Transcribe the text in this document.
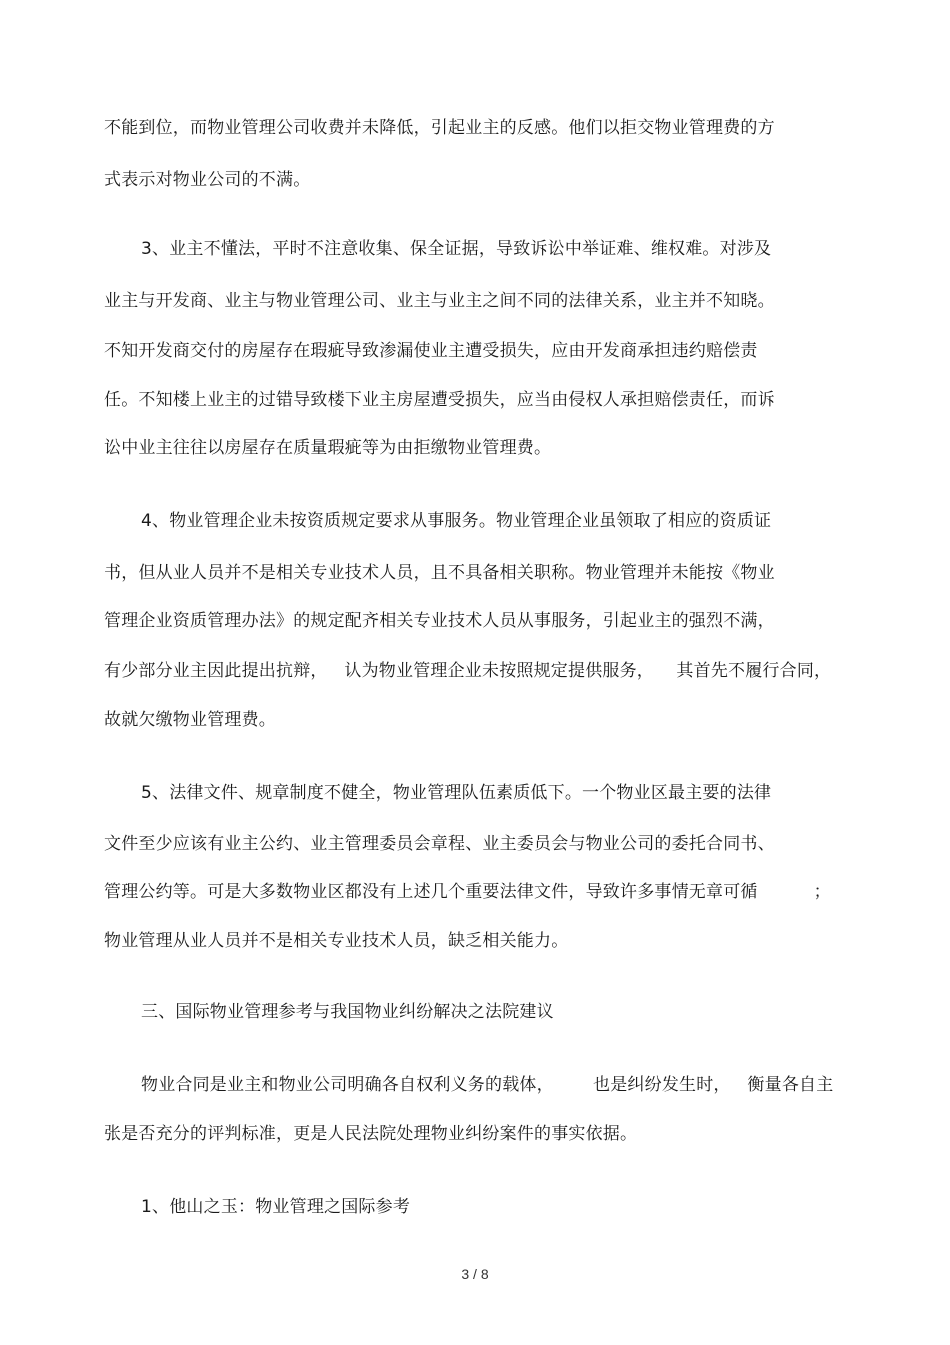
不能到位，而物业管理公司收费并未降低，引起业主的反感。他们以拒交物业管理费的方
式表示对物业公司的不满。
3、业主不懂法，平时不注意收集、保全证据，导致诉讼中举证难、维权难。对涉及
业主与开发商、业主与物业管理公司、业主与业主之间不同的法律关系，业主并不知晓。
不知开发商交付的房屋存在瑕疵导致渗漏使业主遭受损失，应由开发商承担违约赔偿责
任。不知楼上业主的过错导致楼下业主房屋遭受损失，应当由侵权人承担赔偿责任，而诉
讼中业主往往以房屋存在质量瑕疵等为由拒缴物业管理费。
4、物业管理企业未按资质规定要求从事服务。物业管理企业虽领取了相应的资质证
书，但从业人员并不是相关专业技术人员，且不具备相关职称。物业管理并未能按《物业
管理企业资质管理办法》的规定配齐相关专业技术人员从事服务，引起业主的强烈不满，
有少部分业主因此提出抗辩，   认为物业管理企业未按照规定提供服务，    其首先不履行合同，
故就欠缴物业管理费。
5、法律文件、规章制度不健全，物业管理队伍素质低下。一个物业区最主要的法律
文件至少应该有业主公约、业主管理委员会章程、业主委员会与物业公司的委托合同书、
管理公约等。可是大多数物业区都没有上述几个重要法律文件，导致许多事情无章可循          ；
物业管理从业人员并不是相关专业技术人员，缺乏相关能力。
三、国际物业管理参考与我国物业纠纷解决之法院建议
物业合同是业主和物业公司明确各自权利义务的载体，       也是纠纷发生时，   衡量各自主
张是否充分的评判标准，更是人民法院处理物业纠纷案件的事实依据。
1、他山之玉：物业管理之国际参考
3 / 8
